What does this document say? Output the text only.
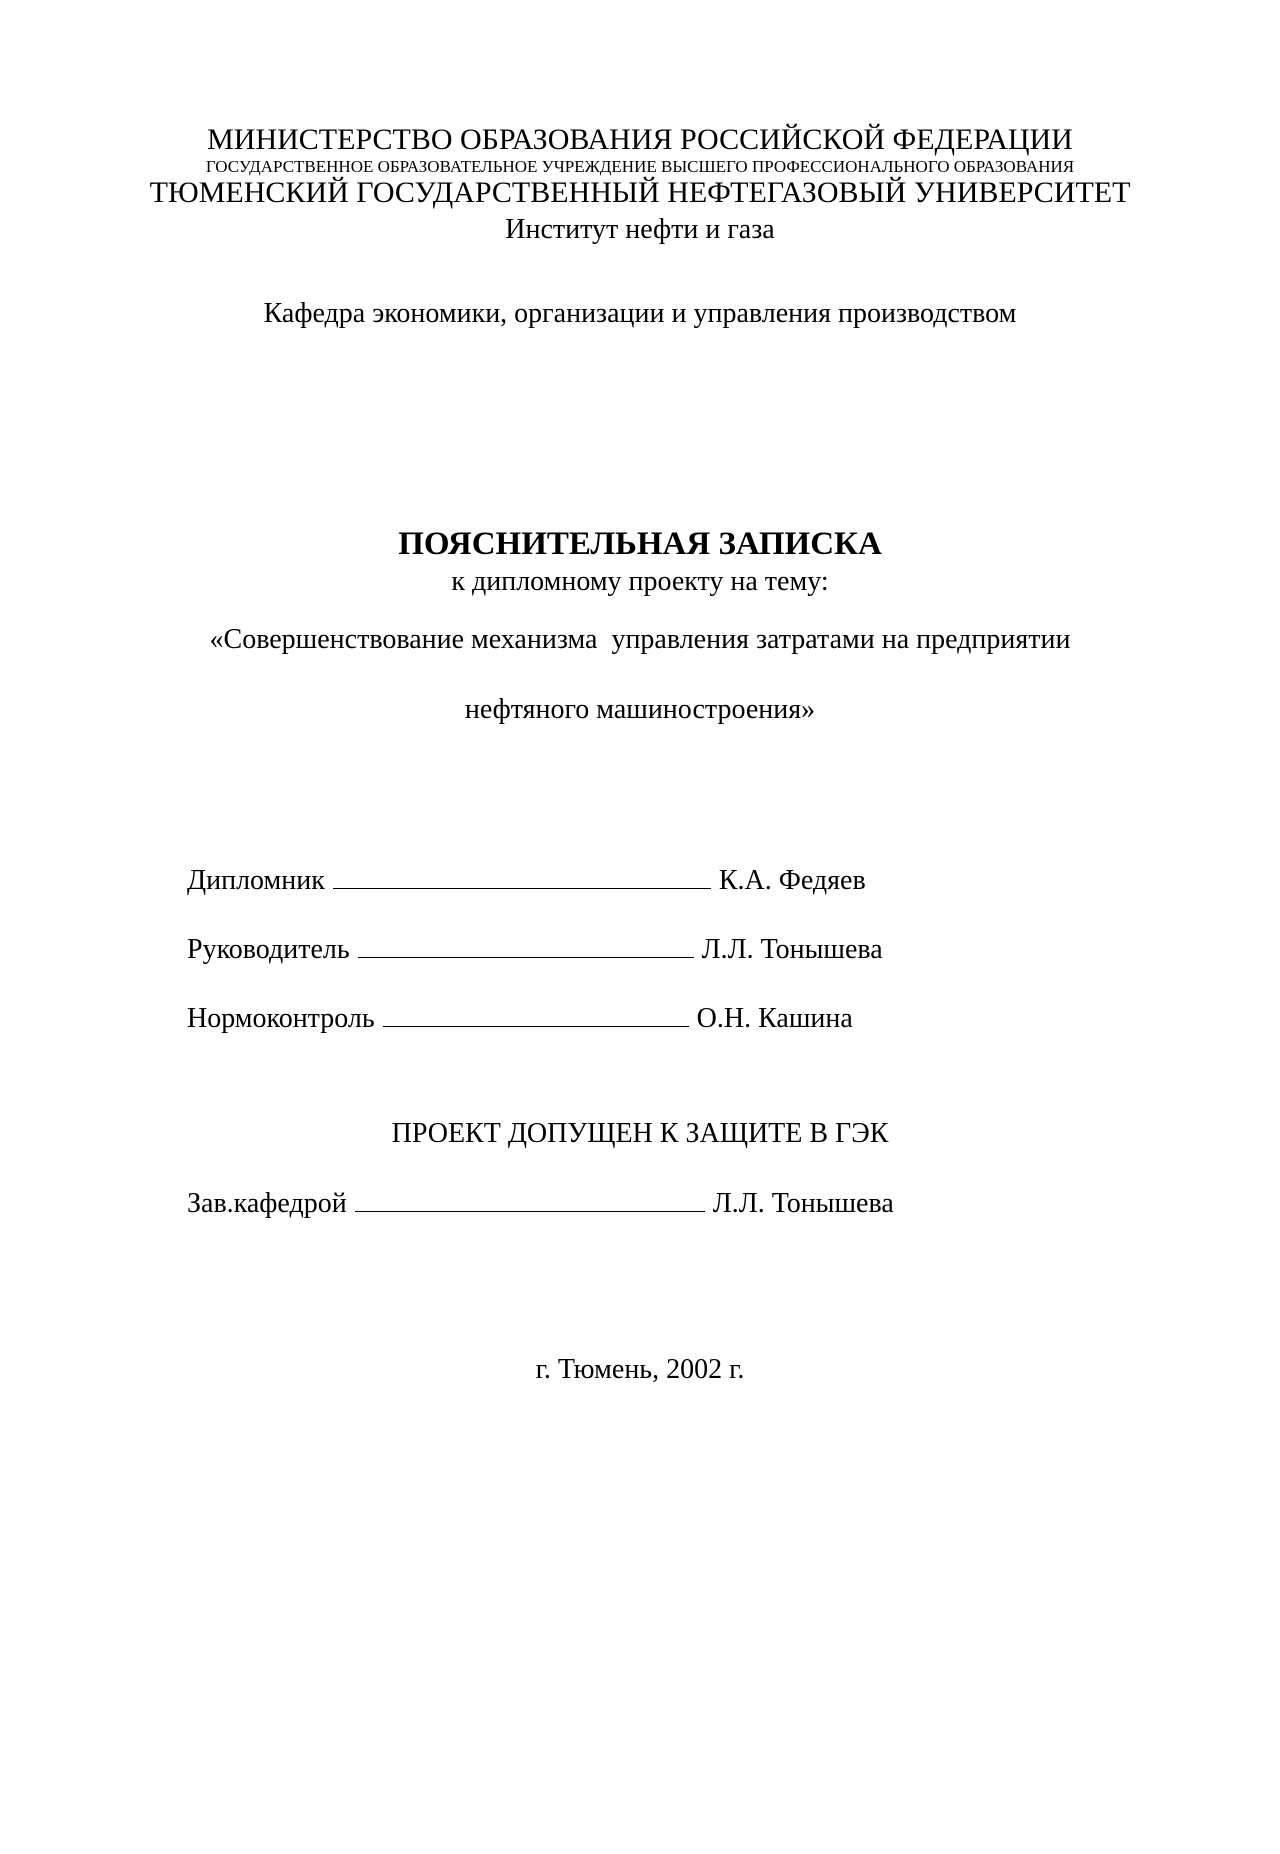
МИНИСТЕРСТВО ОБРАЗОВАНИЯ РОССИЙСКОЙ ФЕДЕРАЦИИ
ГОСУДАРСТВЕННОЕ ОБРАЗОВАТЕЛЬНОЕ УЧРЕЖДЕНИЕ ВЫСШЕГО ПРОФЕССИОНАЛЬНОГО ОБРАЗОВАНИЯ
ТЮМЕНСКИЙ ГОСУДАРСТВЕННЫЙ НЕФТЕГАЗОВЫЙ УНИВЕРСИТЕТ
Институт нефти и газа
Кафедра экономики, организации и управления производством
ПОЯСНИТЕЛЬНАЯ ЗАПИСКА
к дипломному проекту на тему:
«Совершенствование механизма  управления затратами на предприятии
нефтяного машиностроения»
Дипломник	К.А. Федяев
Руководитель	Л.Л. Тонышева
Нормоконтроль	О.Н. Кашина
ПРОЕКТ ДОПУЩЕН К ЗАЩИТЕ В ГЭК
Зав.кафедрой	Л.Л. Тонышева
г. Тюмень, 2002 г.
